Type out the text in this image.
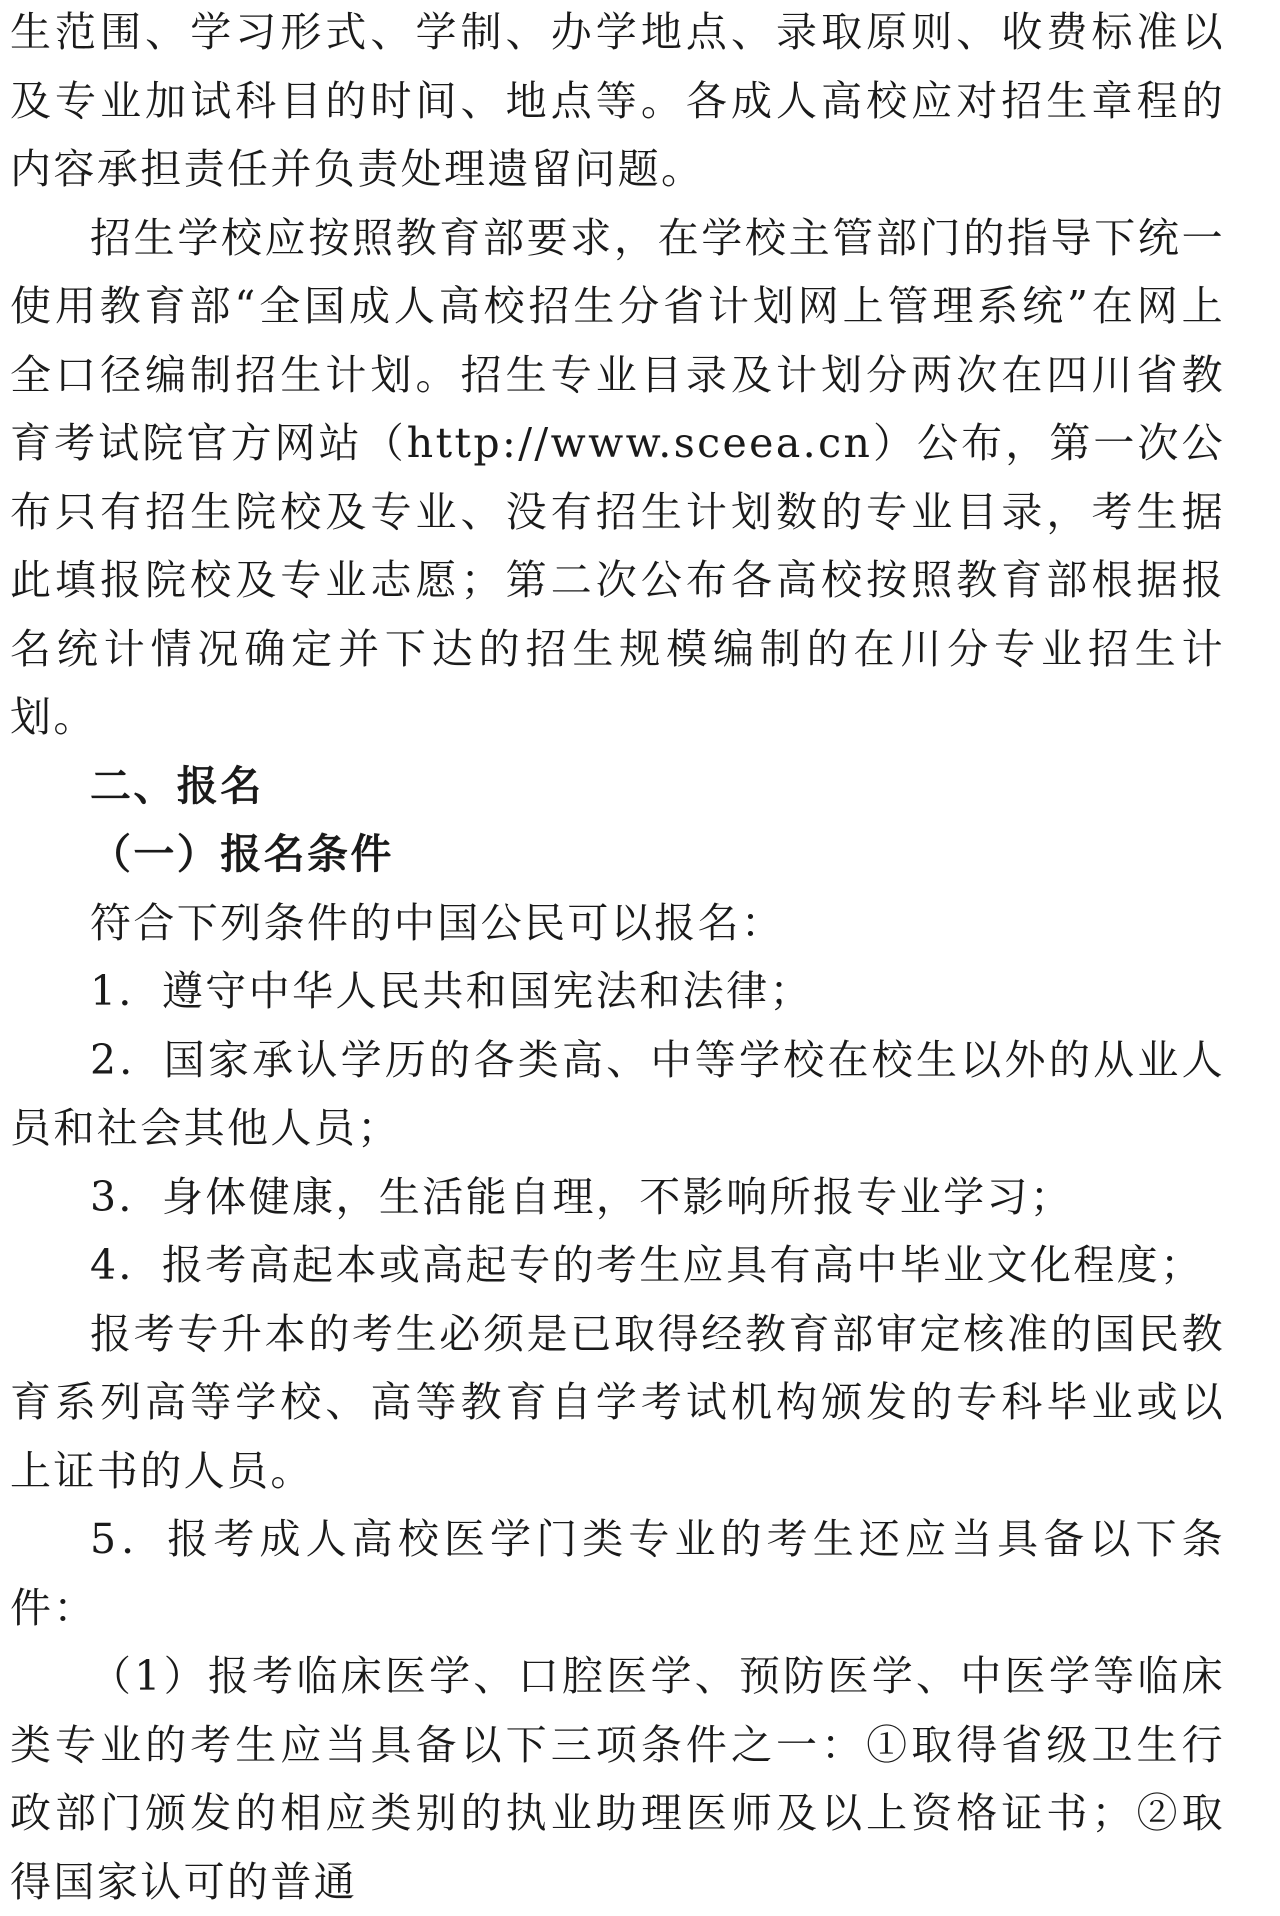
生范围、学习形式、学制、办学地点、录取原则、收费标准以及专业加试科目的时间、地点等。各成人高校应对招生章程的内容承担责任并负责处理遗留问题。

招生学校应按照教育部要求，在学校主管部门的指导下统一使用教育部“全国成人高校招生分省计划网上管理系统”在网上全口径编制招生计划。招生专业目录及计划分两次在四川省教育考试院官方网站（http://www.sceea.cn）公布，第一次公布只有招生院校及专业、没有招生计划数的专业目录，考生据此填报院校及专业志愿；第二次公布各高校按照教育部根据报名统计情况确定并下达的招生规模编制的在川分专业招生计划。

二、报名

（一）报名条件

符合下列条件的中国公民可以报名：

1．遵守中华人民共和国宪法和法律；

2．国家承认学历的各类高、中等学校在校生以外的从业人员和社会其他人员；

3．身体健康，生活能自理，不影响所报专业学习；

4．报考高起本或高起专的考生应具有高中毕业文化程度；

报考专升本的考生必须是已取得经教育部审定核准的国民教育系列高等学校、高等教育自学考试机构颁发的专科毕业或以上证书的人员。

5．报考成人高校医学门类专业的考生还应当具备以下条件：

（1）报考临床医学、口腔医学、预防医学、中医学等临床类专业的考生应当具备以下三项条件之一：①取得省级卫生行政部门颁发的相应类别的执业助理医师及以上资格证书；②取得国家认可的普通
